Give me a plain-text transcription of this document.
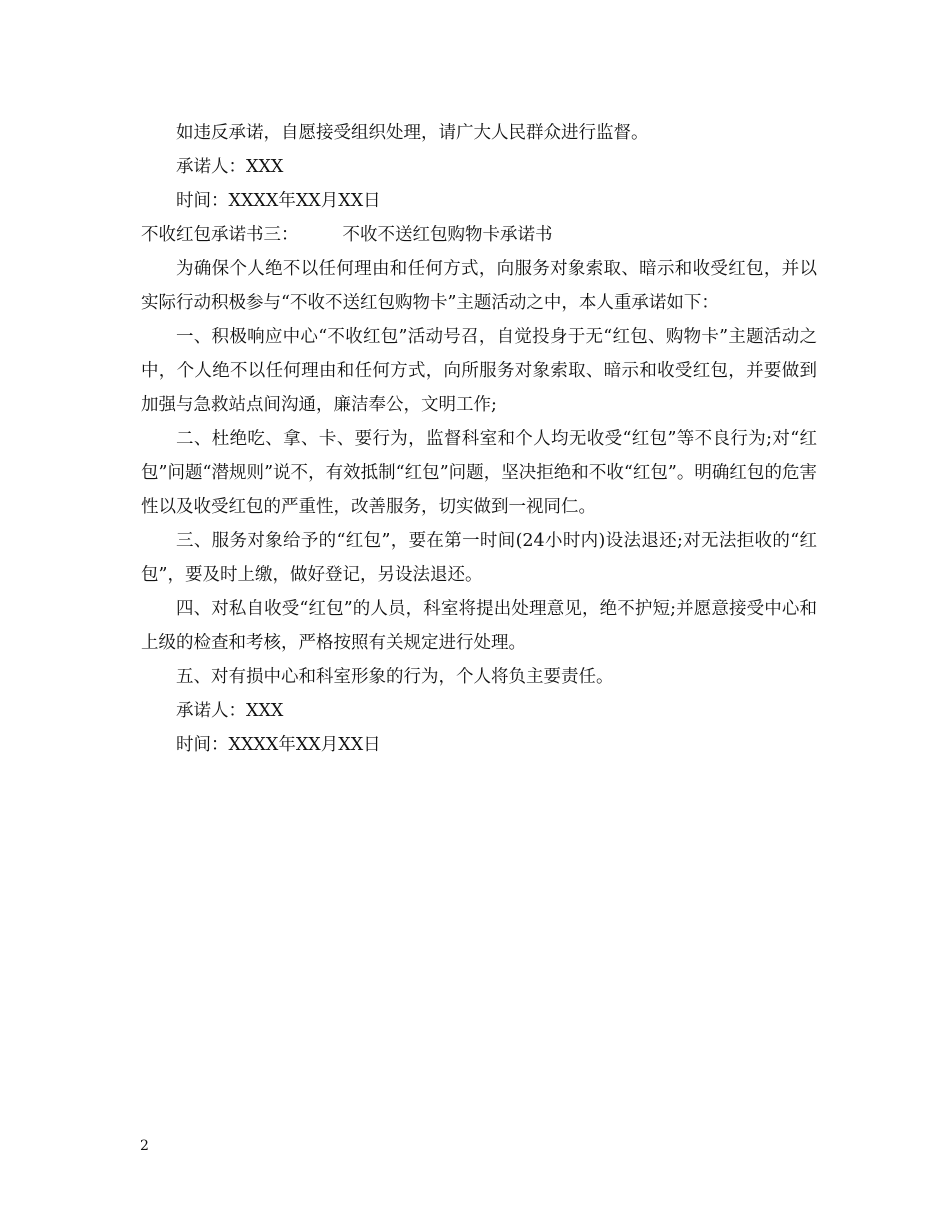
如违反承诺，自愿接受组织处理，请广大人民群众进行监督。

承诺人：XXX

时间：XXXX年XX月XX日

不收红包承诺书三：	不收不送红包购物卡承诺书

为确保个人绝不以任何理由和任何方式，向服务对象索取、暗示和收受红包，并以实际行动积极参与“不收不送红包购物卡”主题活动之中，本人重承诺如下：

一、积极响应中心“不收红包”活动号召，自觉投身于无“红包、购物卡”主题活动之中，个人绝不以任何理由和任何方式，向所服务对象索取、暗示和收受红包，并要做到加强与急救站点间沟通，廉洁奉公，文明工作;

二、杜绝吃、拿、卡、要行为，监督科室和个人均无收受“红包”等不良行为;对“红包”问题“潜规则”说不，有效抵制“红包”问题，坚决拒绝和不收“红包”。明确红包的危害性以及收受红包的严重性，改善服务，切实做到一视同仁。

三、服务对象给予的“红包”，要在第一时间(24小时内)设法退还;对无法拒收的“红包”，要及时上缴，做好登记，另设法退还。

四、对私自收受“红包”的人员，科室将提出处理意见，绝不护短;并愿意接受中心和上级的检查和考核，严格按照有关规定进行处理。

五、对有损中心和科室形象的行为，个人将负主要责任。

承诺人：XXX

时间：XXXX年XX月XX日

2
